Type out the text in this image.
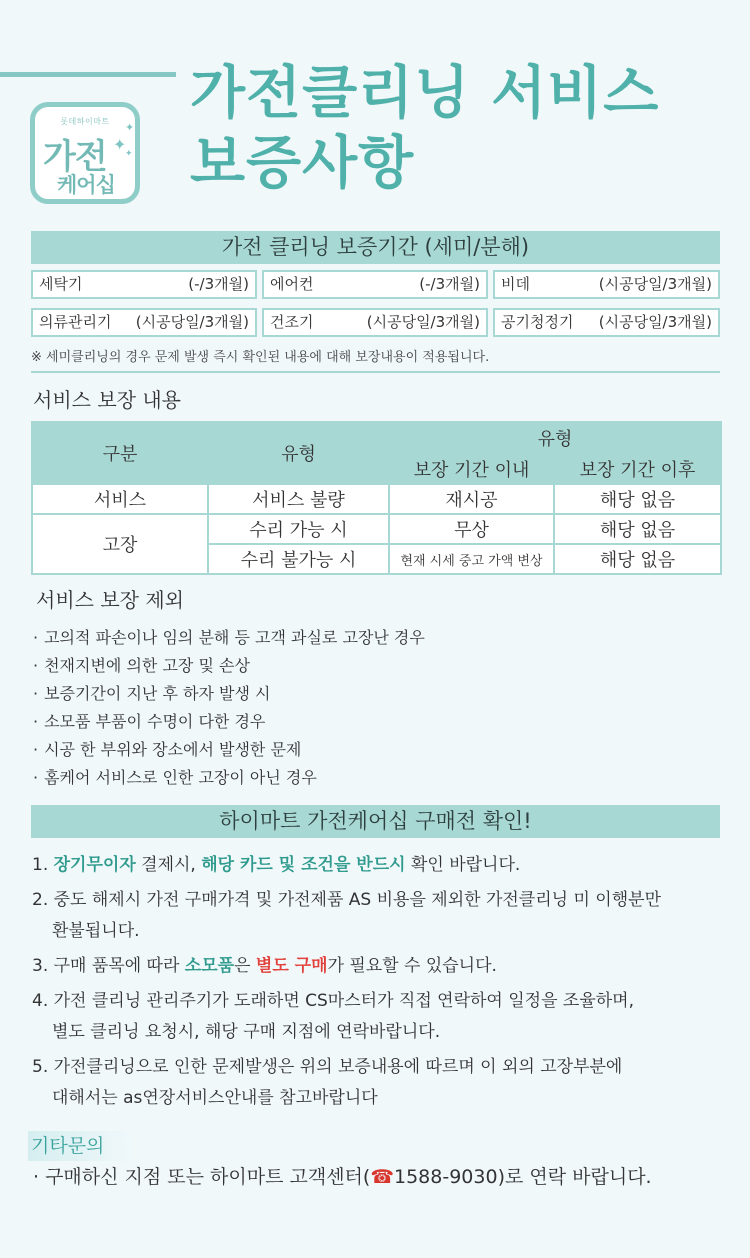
롯데하이마트
가전
케어십
✦
✦
✦
가전클리닝 서비스
보증사항
가전 클리닝 보증기간 (세미/분해)
세탁기	(-/3개월) 에어컨	(-/3개월) 비데	(시공당일/3개월)
의류관리기 (시공당일/3개월) 건조기	(시공당일/3개월) 공기청정기 (시공당일/3개월)
※ 세미클리닝의 경우 문제 발생 즉시 확인된 내용에 대해 보장내용이 적용됩니다.
서비스 보장 내용
구분	유형	유형	
		보장 기간 이내	보장 기간 이후
서비스	서비스 불량	재시공	해당 없음
고장	수리 가능 시	무상	해당 없음
	수리 불가능 시	현재 시세 중고 가액 변상	해당 없음
서비스 보장 제외
· 고의적 파손이나 임의 분해 등 고객 과실로 고장난 경우
· 천재지변에 의한 고장 및 손상
· 보증기간이 지난 후 하자 발생 시
· 소모품 부품이 수명이 다한 경우
· 시공 한 부위와 장소에서 발생한 문제
· 홈케어 서비스로 인한 고장이 아닌 경우
하이마트 가전케어십 구매전 확인!
1. 장기무이자 결제시, 해당 카드 및 조건을 반드시 확인 바랍니다.
2. 중도 해제시 가전 구매가격 및 가전제품 AS 비용을 제외한 가전클리닝 미 이행분만
환불됩니다.
3. 구매 품목에 따라 소모품은 별도 구매가 필요할 수 있습니다.
4. 가전 클리닝 관리주기가 도래하면 CS마스터가 직접 연락하여 일정을 조율하며,
별도 클리닝 요청시, 해당 구매 지점에 연락바랍니다.
5. 가전클리닝으로 인한 문제발생은 위의 보증내용에 따르며 이 외의 고장부분에
대해서는 as연장서비스안내를 참고바랍니다
기타문의
· 구매하신 지점 또는 하이마트 고객센터(☎1588-9030)로 연락 바랍니다.
